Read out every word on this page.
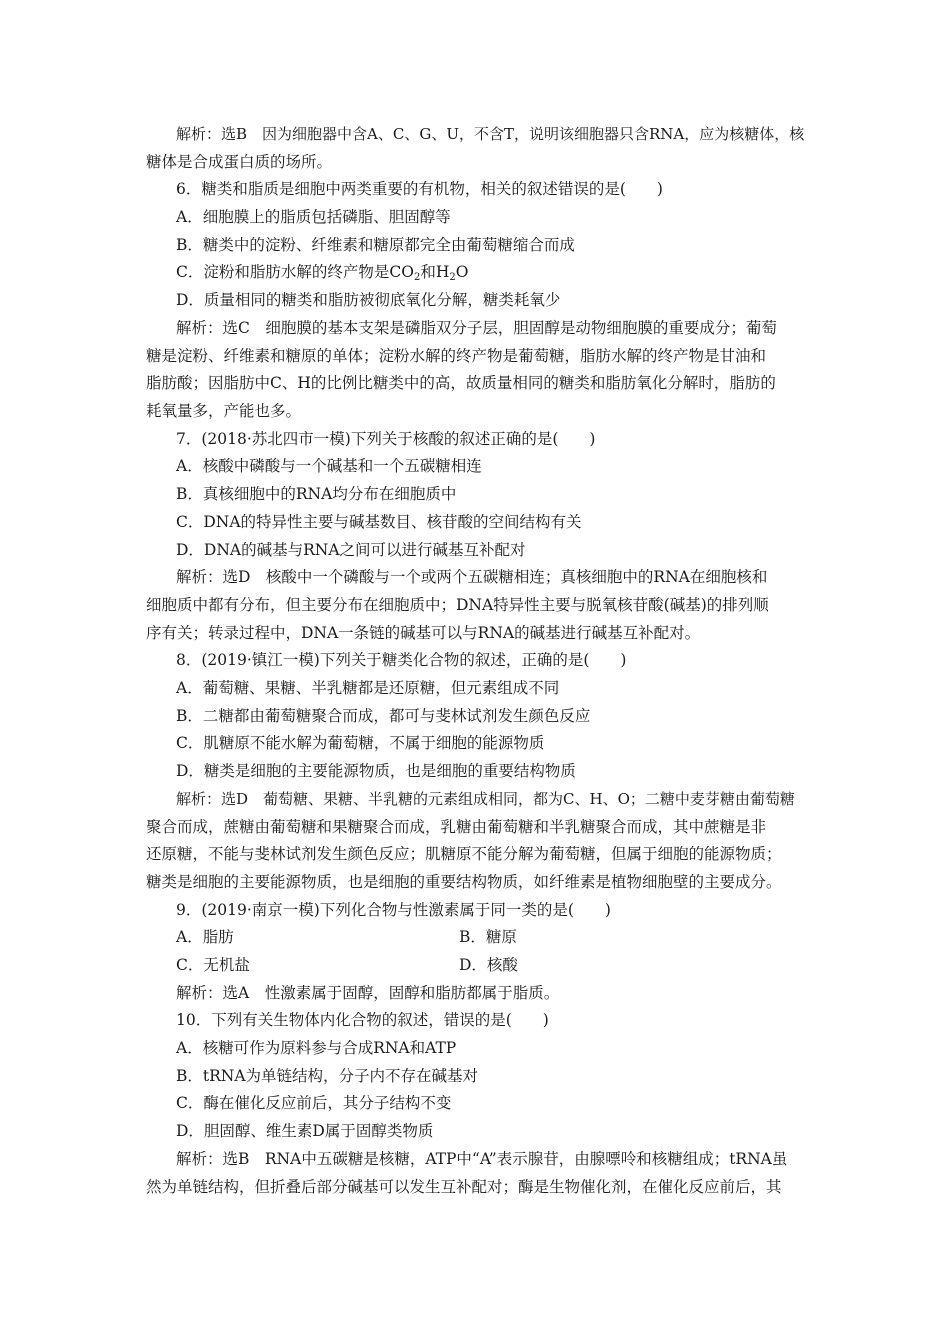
解析：选B　因为细胞器中含A、C、G、U，不含T，说明该细胞器只含RNA，应为核糖体，核
糖体是合成蛋白质的场所。
6．糖类和脂质是细胞中两类重要的有机物，相关的叙述错误的是(　　)
A．细胞膜上的脂质包括磷脂、胆固醇等
B．糖类中的淀粉、纤维素和糖原都完全由葡萄糖缩合而成
C．淀粉和脂肪水解的终产物是$CO_2$和$H_2O$
D．质量相同的糖类和脂肪被彻底氧化分解，糖类耗氧少
解析：选C　细胞膜的基本支架是磷脂双分子层，胆固醇是动物细胞膜的重要成分；葡萄
糖是淀粉、纤维素和糖原的单体；淀粉水解的终产物是葡萄糖，脂肪水解的终产物是甘油和
脂肪酸；因脂肪中C、H的比例比糖类中的高，故质量相同的糖类和脂肪氧化分解时，脂肪的
耗氧量多，产能也多。
7．(2018·苏北四市一模)下列关于核酸的叙述正确的是(　　)
A．核酸中磷酸与一个碱基和一个五碳糖相连
B．真核细胞中的RNA均分布在细胞质中
C．DNA的特异性主要与碱基数目、核苷酸的空间结构有关
D．DNA的碱基与RNA之间可以进行碱基互补配对
解析：选D　核酸中一个磷酸与一个或两个五碳糖相连；真核细胞中的RNA在细胞核和
细胞质中都有分布，但主要分布在细胞质中；DNA特异性主要与脱氧核苷酸(碱基)的排列顺
序有关；转录过程中，DNA一条链的碱基可以与RNA的碱基进行碱基互补配对。
8．(2019·镇江一模)下列关于糖类化合物的叙述，正确的是(　　)
A．葡萄糖、果糖、半乳糖都是还原糖，但元素组成不同
B．二糖都由葡萄糖聚合而成，都可与斐林试剂发生颜色反应
C．肌糖原不能水解为葡萄糖，不属于细胞的能源物质
D．糖类是细胞的主要能源物质，也是细胞的重要结构物质
解析：选D　葡萄糖、果糖、半乳糖的元素组成相同，都为C、H、O；二糖中麦芽糖由葡萄糖
聚合而成，蔗糖由葡萄糖和果糖聚合而成，乳糖由葡萄糖和半乳糖聚合而成，其中蔗糖是非
还原糖，不能与斐林试剂发生颜色反应；肌糖原不能分解为葡萄糖，但属于细胞的能源物质；
糖类是细胞的主要能源物质，也是细胞的重要结构物质，如纤维素是植物细胞壁的主要成分。
9．(2019·南京一模)下列化合物与性激素属于同一类的是(　　)
A．脂肪	B．糖原
C．无机盐	D．核酸
解析：选A　性激素属于固醇，固醇和脂肪都属于脂质。
10．下列有关生物体内化合物的叙述，错误的是(　　)
A．核糖可作为原料参与合成RNA和ATP
B．tRNA为单链结构，分子内不存在碱基对
C．酶在催化反应前后，其分子结构不变
D．胆固醇、维生素D属于固醇类物质
解析：选B　RNA中五碳糖是核糖，ATP中“A”表示腺苷，由腺嘌呤和核糖组成；tRNA虽
然为单链结构，但折叠后部分碱基可以发生互补配对；酶是生物催化剂，在催化反应前后，其
